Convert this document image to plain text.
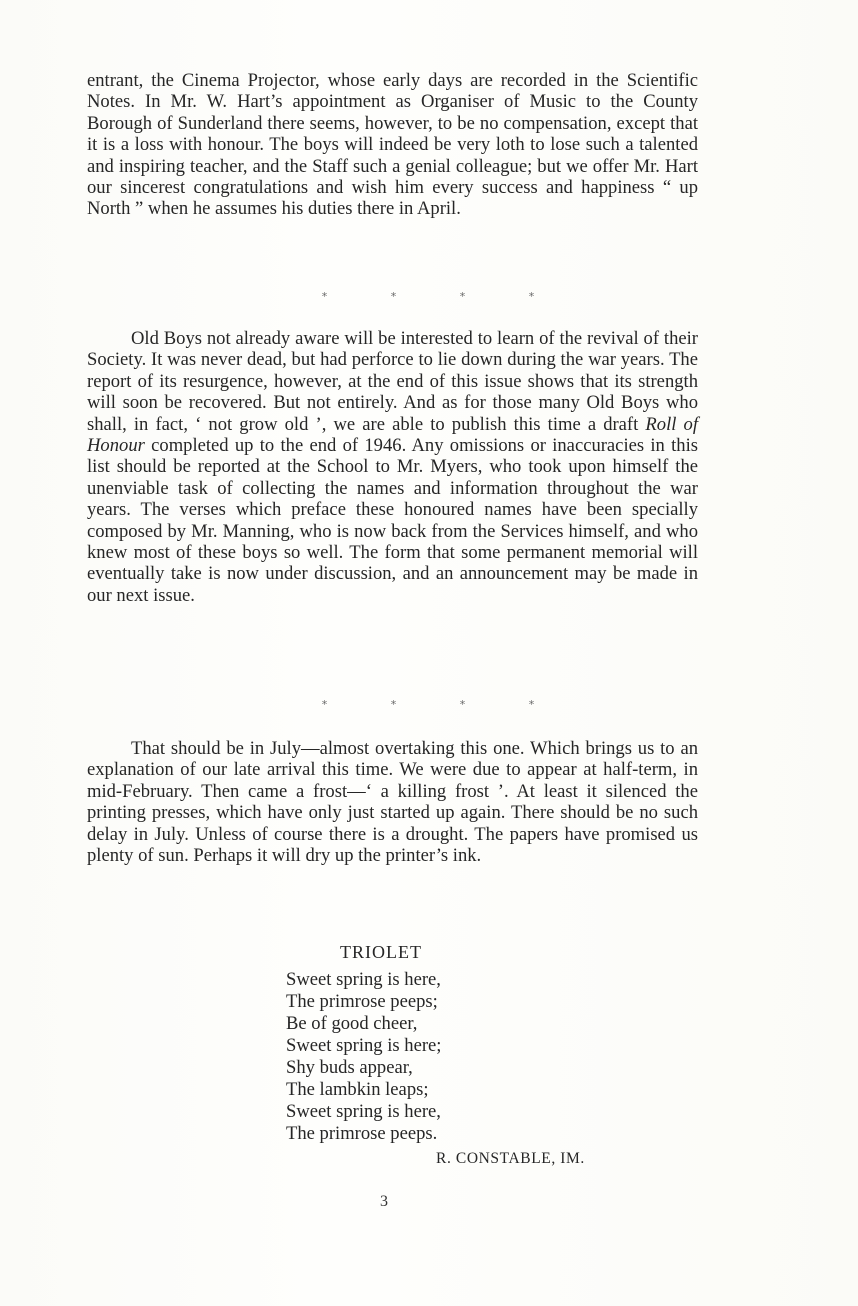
entrant, the Cinema Projector, whose early days are recorded in the Scientific Notes. In Mr. W. Hart’s appointment as Organiser of Music to the County Borough of Sunderland there seems, however, to be no compensation, except that it is a loss with honour. The boys will indeed be very loth to lose such a talented and inspiring teacher, and the Staff such a genial colleague; but we offer Mr. Hart our sincerest congratulations and wish him every success and happiness “ up North ” when he assumes his duties there in April.

* * * *

Old Boys not already aware will be interested to learn of the revival of their Society. It was never dead, but had perforce to lie down during the war years. The report of its resurgence, however, at the end of this issue shows that its strength will soon be recovered. But not entirely. And as for those many Old Boys who shall, in fact, ‘ not grow old ’, we are able to publish this time a draft Roll of Honour completed up to the end of 1946. Any omissions or inaccuracies in this list should be reported at the School to Mr. Myers, who took upon himself the unenviable task of collecting the names and information throughout the war years. The verses which preface these honoured names have been specially composed by Mr. Manning, who is now back from the Services himself, and who knew most of these boys so well. The form that some permanent memorial will eventually take is now under discussion, and an announcement may be made in our next issue.

* * * *

That should be in July—almost overtaking this one. Which brings us to an explanation of our late arrival this time. We were due to appear at half-term, in mid-February. Then came a frost—‘ a killing frost ’. At least it silenced the printing presses, which have only just started up again. There should be no such delay in July. Unless of course there is a drought. The papers have promised us plenty of sun. Perhaps it will dry up the printer’s ink.

TRIOLET

Sweet spring is here,
The primrose peeps;
Be of good cheer,
Sweet spring is here;
Shy buds appear,
The lambkin leaps;
Sweet spring is here,
The primrose peeps.

R. CONSTABLE, IM.

3
